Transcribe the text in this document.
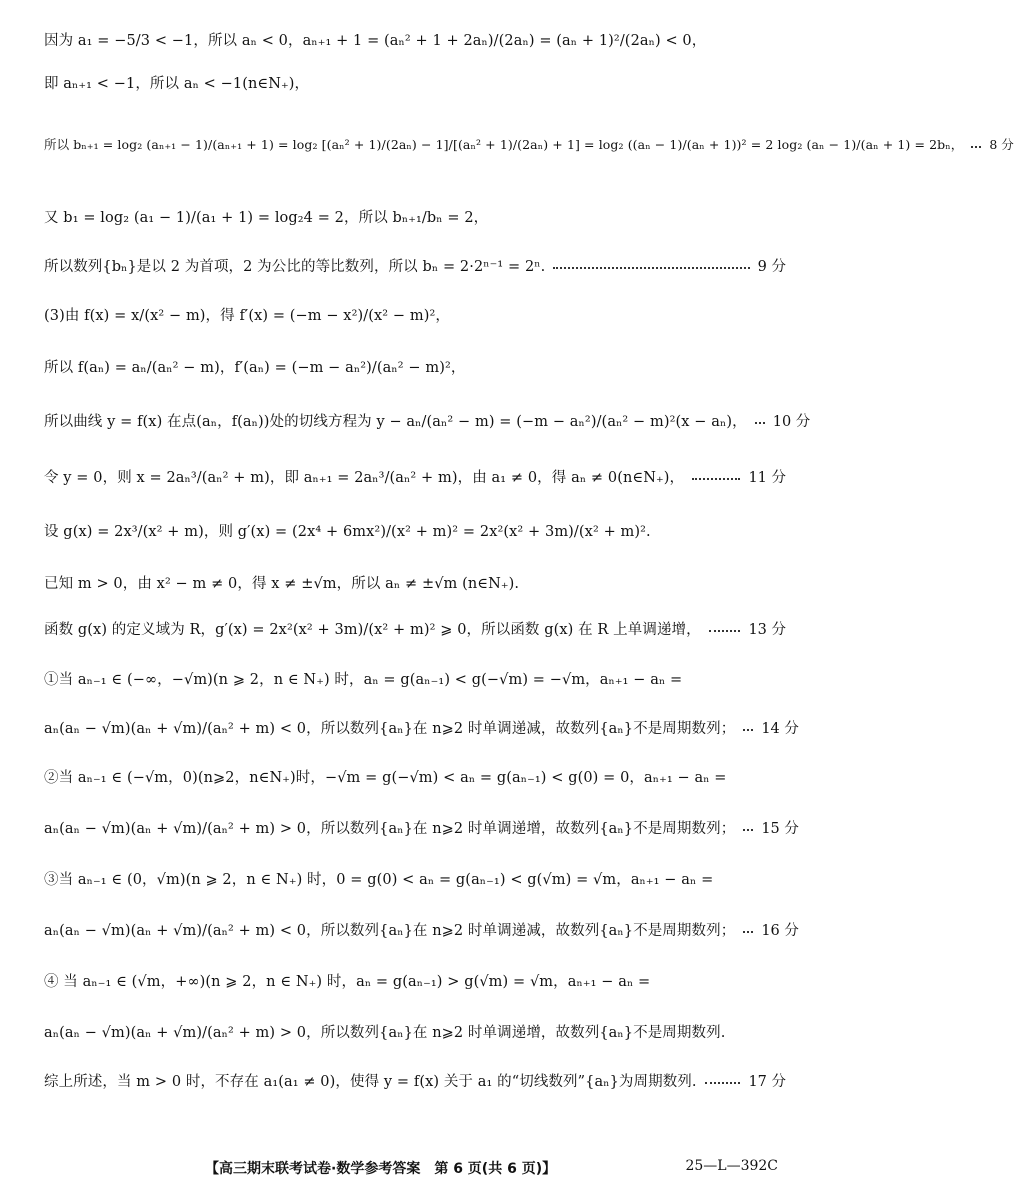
因为 a₁ = −5/3 < −1，所以 aₙ < 0，aₙ₊₁ + 1 = (aₙ² + 1 + 2aₙ)/(2aₙ) = (aₙ + 1)²/(2aₙ) < 0，
即 aₙ₊₁ < −1，所以 aₙ < −1(n∈N₊)，
所以 bₙ₊₁ = log₂ (aₙ₊₁ − 1)/(aₙ₊₁ + 1) = log₂ [(aₙ² + 1)/(2aₙ) − 1]/[(aₙ² + 1)/(2aₙ) + 1] = log₂ ((aₙ − 1)/(aₙ + 1))² = 2 log₂ (aₙ − 1)/(aₙ + 1) = 2bₙ， 8 分
又 b₁ = log₂ (a₁ − 1)/(a₁ + 1) = log₂4 = 2，所以 bₙ₊₁/bₙ = 2，
所以数列{bₙ}是以 2 为首项，2 为公比的等比数列，所以 bₙ = 2·2ⁿ⁻¹ = 2ⁿ.	9 分
(3)由 f(x) = x/(x² − m)，得 f′(x) = (−m − x²)/(x² − m)²，
所以 f(aₙ) = aₙ/(aₙ² − m)，f′(aₙ) = (−m − aₙ²)/(aₙ² − m)²，
所以曲线 y = f(x) 在点(aₙ，f(aₙ))处的切线方程为 y − aₙ/(aₙ² − m) = (−m − aₙ²)/(aₙ² − m)²(x − aₙ)， 10 分
令 y = 0，则 x = 2aₙ³/(aₙ² + m)，即 aₙ₊₁ = 2aₙ³/(aₙ² + m)，由 a₁ ≠ 0，得 aₙ ≠ 0(n∈N₊)，	11 分
设 g(x) = 2x³/(x² + m)，则 g′(x) = (2x⁴ + 6mx²)/(x² + m)² = 2x²(x² + 3m)/(x² + m)².
已知 m > 0，由 x² − m ≠ 0，得 x ≠ ±√m，所以 aₙ ≠ ±√m (n∈N₊).
函数 g(x) 的定义域为 R，g′(x) = 2x²(x² + 3m)/(x² + m)² ⩾ 0，所以函数 g(x) 在 R 上单调递增，	13 分
①当 aₙ₋₁ ∈ (−∞，−√m)(n ⩾ 2，n ∈ N₊) 时，aₙ = g(aₙ₋₁) < g(−√m) = −√m，aₙ₊₁ − aₙ =
aₙ(aₙ − √m)(aₙ + √m)/(aₙ² + m) < 0，所以数列{aₙ}在 n⩾2 时单调递减，故数列{aₙ}不是周期数列； 14 分
②当 aₙ₋₁ ∈ (−√m，0)(n⩾2，n∈N₊)时，−√m = g(−√m) < aₙ = g(aₙ₋₁) < g(0) = 0，aₙ₊₁ − aₙ =
aₙ(aₙ − √m)(aₙ + √m)/(aₙ² + m) > 0，所以数列{aₙ}在 n⩾2 时单调递增，故数列{aₙ}不是周期数列； 15 分
③当 aₙ₋₁ ∈ (0，√m)(n ⩾ 2，n ∈ N₊) 时，0 = g(0) < aₙ = g(aₙ₋₁) < g(√m) = √m，aₙ₊₁ − aₙ =
aₙ(aₙ − √m)(aₙ + √m)/(aₙ² + m) < 0，所以数列{aₙ}在 n⩾2 时单调递减，故数列{aₙ}不是周期数列； 16 分
④ 当 aₙ₋₁ ∈ (√m，+∞)(n ⩾ 2，n ∈ N₊) 时，aₙ = g(aₙ₋₁) > g(√m) = √m，aₙ₊₁ − aₙ =
aₙ(aₙ − √m)(aₙ + √m)/(aₙ² + m) > 0，所以数列{aₙ}在 n⩾2 时单调递增，故数列{aₙ}不是周期数列.
综上所述，当 m > 0 时，不存在 a₁(a₁ ≠ 0)，使得 y = f(x) 关于 a₁ 的“切线数列”{aₙ}为周期数列.	17 分
【高三期末联考试卷·数学参考答案　第 6 页(共 6 页)】	25—L—392C
